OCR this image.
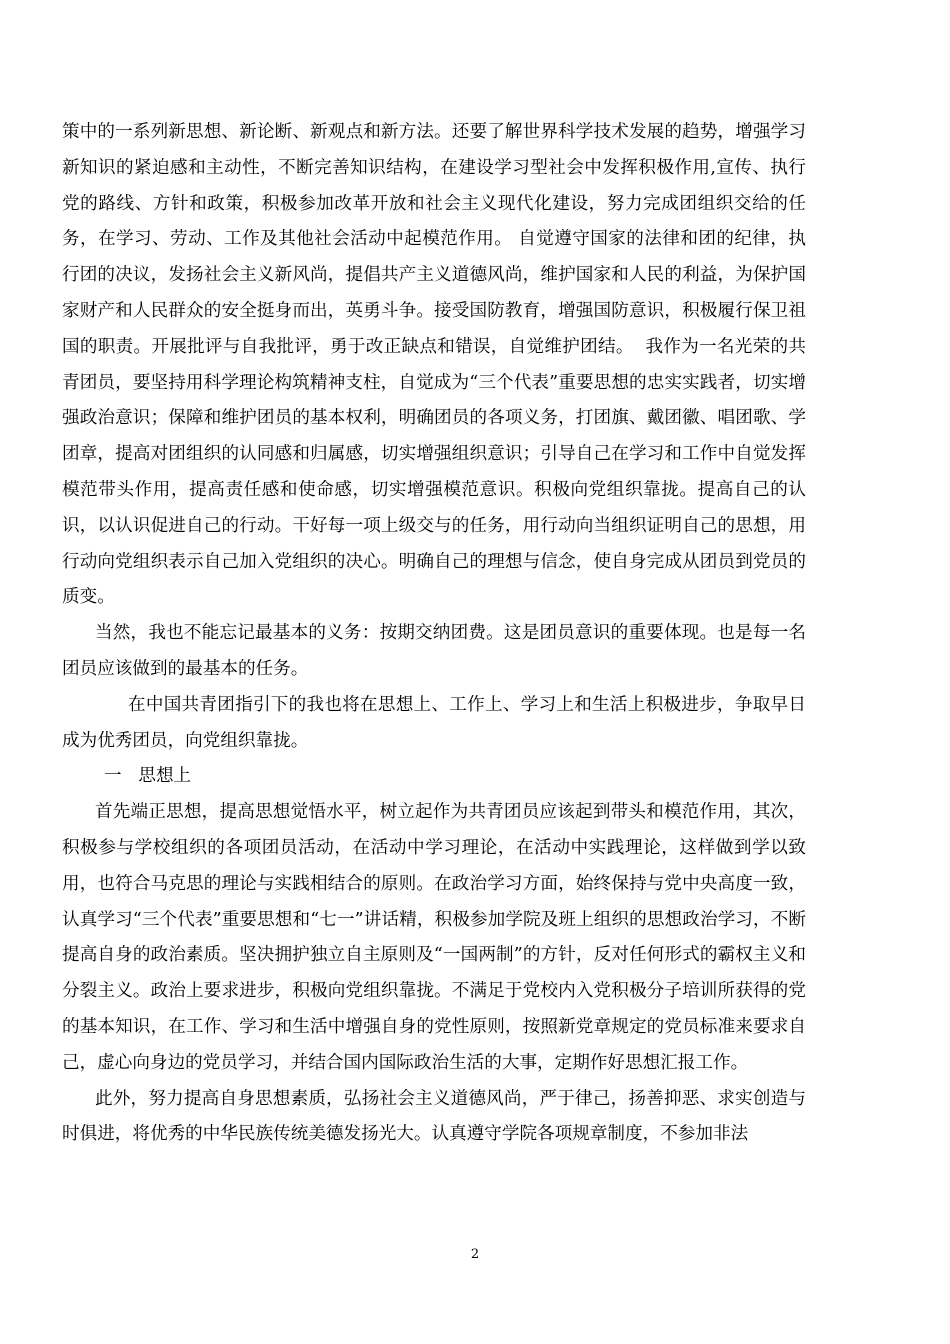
策中的一系列新思想、新论断、新观点和新方法。还要了解世界科学技术发展的趋势，增强学习新知识的紧迫感和主动性，不断完善知识结构，在建设学习型社会中发挥积极作用,宣传、执行党的路线、方针和政策，积极参加改革开放和社会主义现代化建设，努力完成团组织交给的任务，在学习、劳动、工作及其他社会活动中起模范作用。 自觉遵守国家的法律和团的纪律，执行团的决议，发扬社会主义新风尚，提倡共产主义道德风尚，维护国家和人民的利益，为保护国家财产和人民群众的安全挺身而出，英勇斗争。接受国防教育，增强国防意识，积极履行保卫祖国的职责。开展批评与自我批评，勇于改正缺点和错误，自觉维护团结。  我作为一名光荣的共青团员，要坚持用科学理论构筑精神支柱，自觉成为“三个代表”重要思想的忠实实践者，切实增强政治意识；保障和维护团员的基本权利，明确团员的各项义务，打团旗、戴团徽、唱团歌、学团章，提高对团组织的认同感和归属感，切实增强组织意识；引导自己在学习和工作中自觉发挥模范带头作用，提高责任感和使命感，切实增强模范意识。积极向党组织靠拢。提高自己的认识，以认识促进自己的行动。干好每一项上级交与的任务，用行动向当组织证明自己的思想，用行动向党组织表示自己加入党组织的决心。明确自己的理想与信念，使自身完成从团员到党员的质变。

当然，我也不能忘记最基本的义务：按期交纳团费。这是团员意识的重要体现。也是每一名团员应该做到的最基本的任务。

在中国共青团指引下的我也将在思想上、工作上、学习上和生活上积极进步，争取早日成为优秀团员，向党组织靠拢。

一   思想上

首先端正思想，提高思想觉悟水平，树立起作为共青团员应该起到带头和模范作用，其次，积极参与学校组织的各项团员活动，在活动中学习理论，在活动中实践理论，这样做到学以致用，也符合马克思的理论与实践相结合的原则。在政治学习方面，始终保持与党中央高度一致，认真学习“三个代表”重要思想和“七一”讲话精，积极参加学院及班上组织的思想政治学习，不断提高自身的政治素质。坚决拥护独立自主原则及“一国两制”的方针，反对任何形式的霸权主义和分裂主义。政治上要求进步，积极向党组织靠拢。不满足于党校内入党积极分子培训所获得的党的基本知识，在工作、学习和生活中增强自身的党性原则，按照新党章规定的党员标准来要求自己，虚心向身边的党员学习，并结合国内国际政治生活的大事，定期作好思想汇报工作。

此外，努力提高自身思想素质，弘扬社会主义道德风尚，严于律己，扬善抑恶、求实创造与时俱进，将优秀的中华民族传统美德发扬光大。认真遵守学院各项规章制度，不参加非法

2
